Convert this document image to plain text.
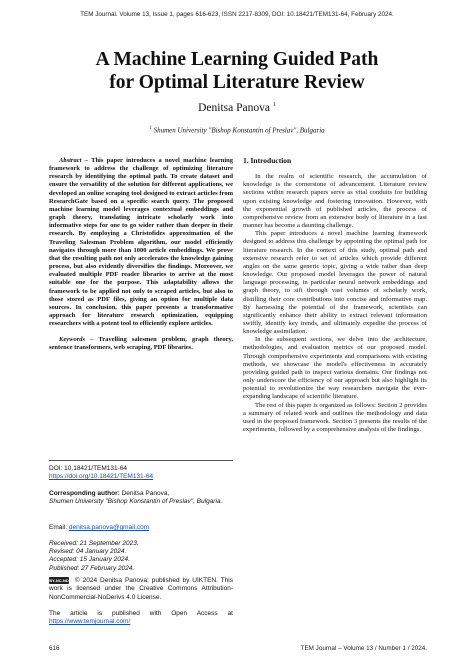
TEM Journal. Volume 13, Issue 1, pages 616-623, ISSN 2217-8309, DOI: 10.18421/TEM131-64, February 2024.
A Machine Learning Guided Path
for Optimal Literature Review
Denitsa Panova $^1$
$^1$ Shumen University "Bishop Konstantin of Preslav", Bulgaria

Abstract – This paper introduces a novel machine learning framework to address the challenge of optimizing literature research by identifying the optimal path. To create dataset and ensure the versatility of the solution for different applications, we developed an online scraping tool designed to extract articles from ResearchGate based on a specific search query. The proposed machine learning model leverages contextual embeddings and graph theory, translating intricate scholarly work into informative steps for one to go wider rather than deeper in their research. By employing a Christofides approximation of the Traveling Salesman Problem algorithm, our model efficiently navigates through more than 1000 article embeddings. We prove that the resulting path not only accelerates the knowledge gaining process, but also evidently diversifies the findings. Moreover, we evaluated multiple PDF reader libraries to arrive at the most suitable one for the purpose. This adaptability allows the framework to be applied not only to scraped articles, but also to those stored as PDF files, giving an option for multiple data sources. In conclusion, this paper presents a transformative approach for literature research optimization, equipping researchers with a potent tool to efficiently explore articles.

Keywords – Travelling salesmen problem, graph theory, sentence transformers, web scraping, PDF libraries.

DOI: 10.18421/TEM131-64
https://doi.org/10.18421/TEM131-64
Corresponding author: Denitsa Panova,
Shumen University "Bishop Konstantin of Preslav", Bulgaria.
Email: denitsa.panova@gmail.com
Received: 21 September 2023.
Revised: 04 January 2024.
Accepted: 15 January 2024.
Published: 27 February 2024.
BY-NC-ND © 2024 Denitsa Panova; published by UIKTEN. This work is licensed under the Creative Commons Attribution-NonCommercial-NoDerivs 4.0 License.
The article is published with Open Access at https://www.temjournal.com/
1. Introduction

In the realm of scientific research, the accumulation of knowledge is the cornerstone of advancement. Literature review sections within research papers serve as vital conduits for building upon existing knowledge and fostering innovation. However, with the exponential growth of published articles, the process of comprehensive review from an extensive body of literature in a fast manner has become a daunting challenge.

This paper introduces a novel machine learning framework designed to address this challenge by appointing the optimal path for literature research. In the context of this study, optimal path and extensive research refer to set of articles which provide different angles on the same generic topic, giving a wide rather than deep knowledge. Our proposed model leverages the power of natural language processing, in particular neural network embeddings and graph theory, to sift through vast volumes of scholarly work, distilling their core contributions into concise and informative map. By harnessing the potential of the framework, scientists can significantly enhance their ability to extract relevant information swiftly, identify key trends, and ultimately expedite the process of knowledge assimilation.

In the subsequent sections, we delve into the architecture, methodologies, and evaluation metrics of our proposed model. Through comprehensive experiments and comparisons with existing methods, we showcase the model's effectiveness in accurately providing guided path to inspect various domains. Our findings not only underscore the efficiency of our approach but also highlight its potential to revolutionize the way researchers navigate the ever-expanding landscape of scientific literature.

The rest of this paper is organized as follows: Section 2 provides a summary of related work and outlines the methodology and data used in the proposed framework. Section 3 presents the results of the experiments, followed by a comprehensive analysis of the findings.

616	TEM Journal – Volume 13 / Number 1 / 2024.
